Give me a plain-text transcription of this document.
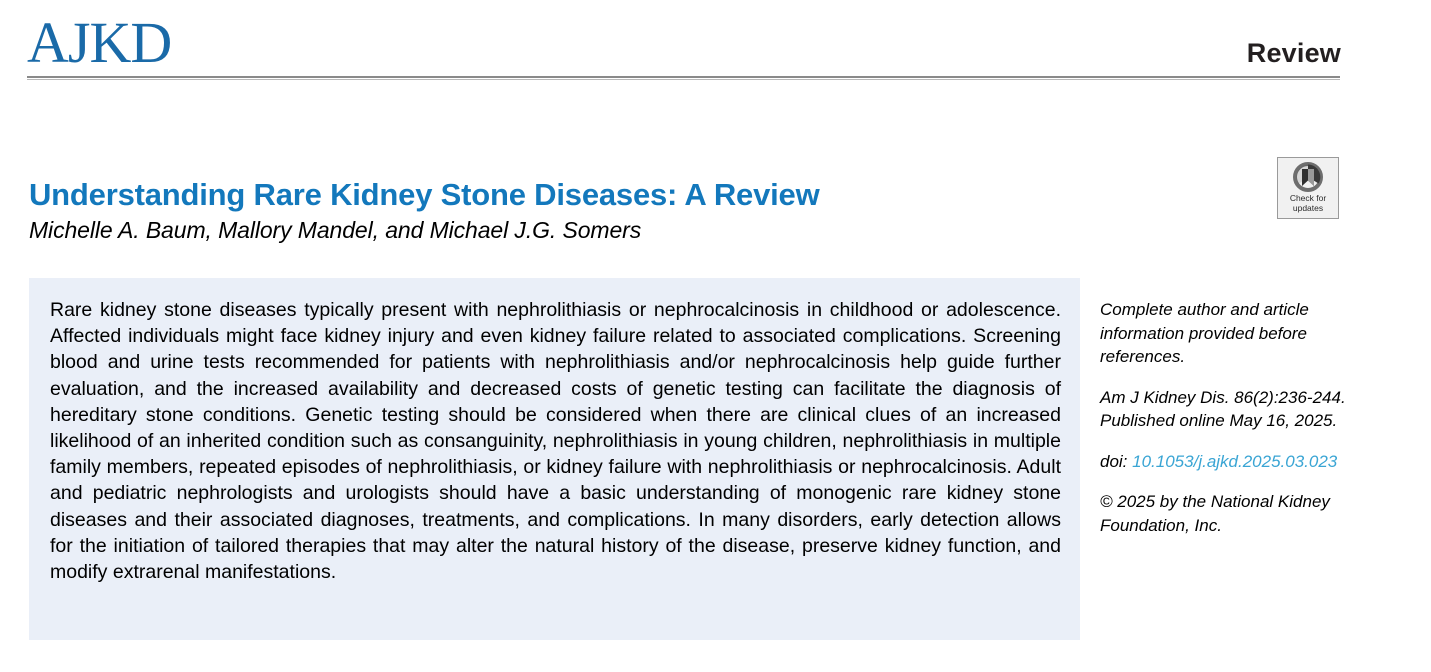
AJKD	Review
Understanding Rare Kidney Stone Diseases: A Review
Michelle A. Baum, Mallory Mandel, and Michael J.G. Somers
Check for
updates
Rare kidney stone diseases typically present with nephrolithiasis or nephrocalcinosis in childhood or adolescence. Affected individuals might face kidney injury and even kidney failure related to associated complications. Screening blood and urine tests recommended for patients with nephrolithiasis and/or nephrocalcinosis help guide further evaluation, and the increased availability and decreased costs of genetic testing can facilitate the diagnosis of hereditary stone conditions. Genetic testing should be considered when there are clinical clues of an increased likelihood of an inherited condition such as consanguinity, nephrolithiasis in young children, nephrolithiasis in multiple family members, repeated episodes of nephrolithiasis, or kidney failure with nephrolithiasis or nephrocalcinosis. Adult and pediatric nephrologists and urologists should have a basic understanding of monogenic rare kidney stone diseases and their associated diagnoses, treatments, and complications. In many disorders, early detection allows for the initiation of tailored therapies that may alter the natural history of the disease, preserve kidney function, and modify extrarenal manifestations.

Complete author and article information provided before references.

Am J Kidney Dis. 86(2):236-244. Published online May 16, 2025.

doi: 10.1053/j.ajkd.2025.03.023

© 2025 by the National Kidney Foundation, Inc.
